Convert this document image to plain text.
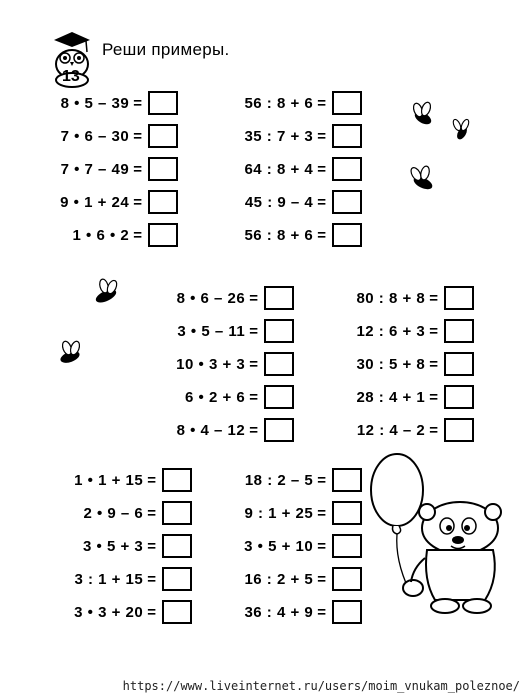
13
Реши примеры.
8 • 5 – 39 =
7 • 6 – 30 =
7 • 7 – 49 =
9 • 1 + 24 =
1 • 6 • 2 =
56 : 8 + 6 =
35 : 7 + 3 =
64 : 8 + 4 =
45 : 9 – 4 =
56 : 8 + 6 =
8 • 6 – 26 =
3 • 5 – 11 =
10 • 3 + 3 =
6 • 2 + 6 =
8 • 4 – 12 =
80 : 8 + 8 =
12 : 6 + 3 =
30 : 5 + 8 =
28 : 4 + 1 =
12 : 4 – 2 =
1 • 1 + 15 =
2 • 9 – 6 =
3 • 5 + 3 =
3 : 1 + 15 =
3 • 3 + 20 =
18 : 2 – 5 =
9 : 1 + 25 =
3 • 5 + 10 =
16 : 2 + 5 =
36 : 4 + 9 =
https://www.liveinternet.ru/users/moim_vnukam_poleznoe/
